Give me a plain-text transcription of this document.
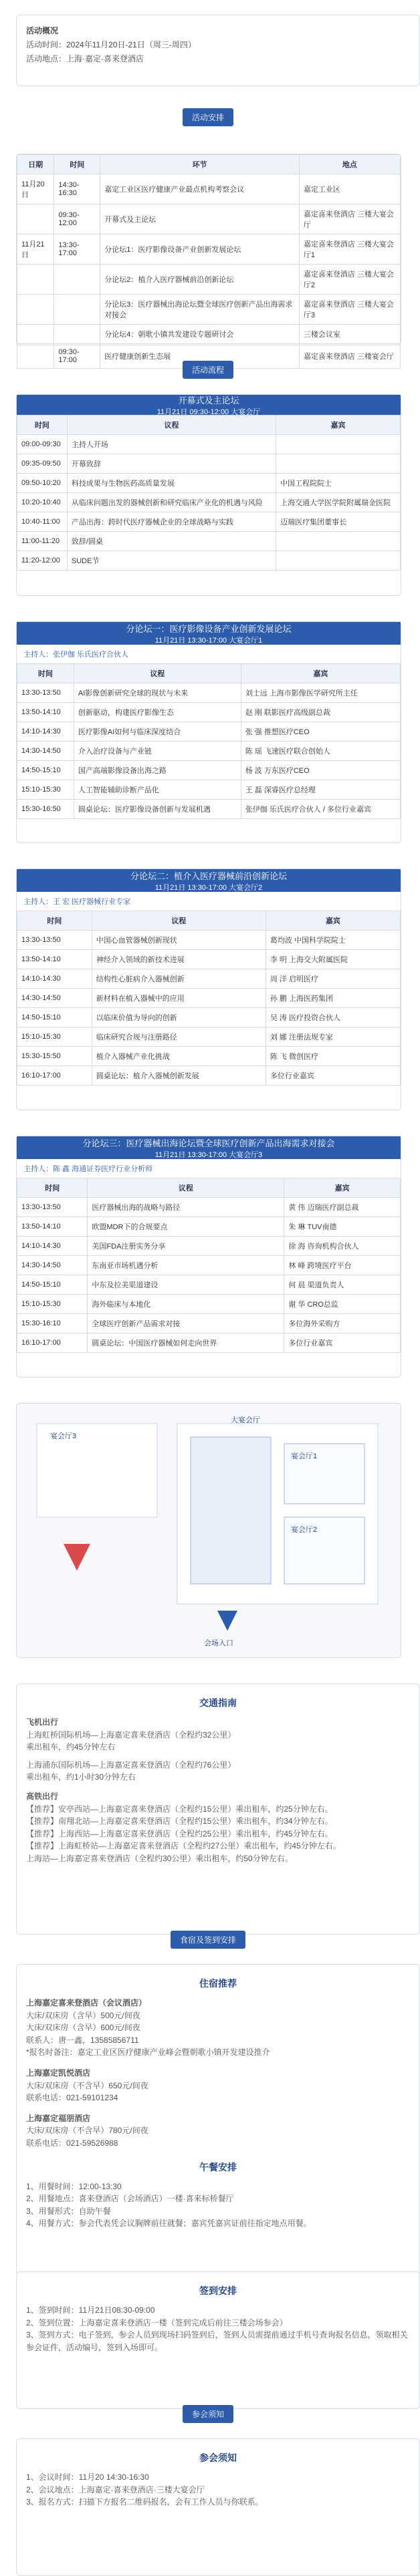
活动概况
活动时间：2024年11月20日-21日（周三-周四）
活动地点：上海·嘉定·喜来登酒店
活动安排
日期	时间	环节	地点
11月20日	14:30-16:30	嘉定工业区医疗健康产业最点机构考察会议	嘉定工业区
	09:30-12:00	开幕式及主论坛	嘉定喜来登酒店 三楼大宴会厅
11月21日	13:30-17:00	分论坛1：医疗影像设备产业创新发展论坛	嘉定喜来登酒店 三楼大宴会厅1
		分论坛2：植介入医疗器械前沿创新论坛	嘉定喜来登酒店 三楼大宴会厅2
		分论坛3：医疗器械出海论坛暨全球医疗创新产品出海需求对接会	嘉定喜来登酒店 三楼大宴会厅3
		分论坛4：朝歌小镇共发建设专题研讨会	三楼会议室
	09:30-17:00	医疗健康创新生态展	嘉定喜来登酒店 三楼宴会厅
活动流程
开幕式及主论坛
11月21日 09:30-12:00 大宴会厅
时间	议程	嘉宾
09:00-09:30	主持人开场	
09:35-09:50	开幕致辞	
09:50-10:20	科技成果与生物医药高质量发展	中国工程院院士
10:20-10:40	从临床问题出发的器械创新和研究临床产业化的机遇与风险	上海交通大学医学院附属瑞金医院
10:40-11:00	产品出海：跨时代医疗器械企业的全球战略与实践	迈瑞医疗集团董事长
11:00-11:20	致辞/圆桌	
11:20-12:00	SUDE节	
分论坛一：医疗影像设备产业创新发展论坛
11月21日 13:30-17:00 大宴会厅1
主持人：张伊伽 乐氏医疗合伙人
时间	议程	嘉宾
13:30-13:50	AI影像创新研究全球的现状与未来	刘士远 上海市影像医学研究所主任
13:50-14:10	创新驱动，构建医疗影像生态	赵 刚 联影医疗高级副总裁
14:10-14:30	医疗影像AI如何与临床深度结合	张 强 推想医疗CEO
14:30-14:50	介入治疗设备与产业链	陈 瑶 飞速医疗联合创始人
14:50-15:10	国产高端影像设备出海之路	杨 波 万东医疗CEO
15:10-15:30	人工智能辅助诊断产品化	王 磊 深睿医疗总经理
15:30-16:50	圆桌论坛：医疗影像设备创新与发展机遇	张伊伽 乐氏医疗合伙人 / 多位行业嘉宾
分论坛二：植介入医疗器械前沿创新论坛
11月21日 13:30-17:00 大宴会厅2
主持人：王 宏 医疗器械行业专家
时间	议程	嘉宾
13:30-13:50	中国心血管器械创新现状	葛均波 中国科学院院士
13:50-14:10	神经介入领域的新技术进展	李 明 上海交大附属医院
14:10-14:30	结构性心脏病介入器械创新	周 洋 启明医疗
14:30-14:50	新材料在植入器械中的应用	孙 鹏 上海医药集团
14:50-15:10	以临床价值为导向的创新	吴 涛 医疗投资合伙人
15:10-15:30	临床研究合规与注册路径	刘 娜 注册法规专家
15:30-15:50	植介入器械产业化挑战	陈 飞 微创医疗
16:10-17:00	圆桌论坛：植介入器械创新发展	多位行业嘉宾
分论坛三：医疗器械出海论坛暨全球医疗创新产品出海需求对接会
11月21日 13:30-17:00 大宴会厅3
主持人：陈 鑫 海通证券医疗行业分析师
时间	议程	嘉宾
13:30-13:50	医疗器械出海的战略与路径	黄 伟 迈瑞医疗副总裁
13:50-14:10	欧盟MDR下的合规要点	朱 琳 TUV南德
14:10-14:30	美国FDA注册实务分享	徐 海 咨询机构合伙人
14:30-14:50	东南亚市场机遇分析	林 峰 跨境医疗平台
14:50-15:10	中东及拉美渠道建设	何 晨 渠道负责人
15:10-15:30	海外临床与本地化	谢 华 CRO总监
15:30-16:10	全球医疗创新产品需求对接	多位海外采购方
16:10-17:00	圆桌论坛：中国医疗器械如何走向世界	多位行业嘉宾
大宴会厅
宴会厅1
宴会厅2
宴会厅3
会场入口
交通指南
飞机出行
上海虹桥国际机场—上海嘉定喜来登酒店（全程约32公里）
乘出租车，约45分钟左右
上海浦东国际机场—上海嘉定喜来登酒店（全程约76公里）
乘出租车，约1小时30分钟左右
高铁出行
【推荐】安亭西站—上海嘉定喜来登酒店（全程约15公里）乘出租车，约25分钟左右。
【推荐】南翔北站—上海嘉定喜来登酒店（全程约15公里）乘出租车，约34分钟左右。
【推荐】上海西站—上海嘉定喜来登酒店（全程约25公里）乘出租车，约45分钟左右。
【推荐】上海虹桥站—上海嘉定喜来登酒店（全程约27公里）乘出租车，约45分钟左右。
上海站—上海嘉定喜来登酒店（全程约30公里）乘出租车，约50分钟左右。
食宿及签到安排
住宿推荐
上海嘉定喜来登酒店（会议酒店）
大床/双床房（含早）500元/间夜
大床/双床房（含早）600元/间夜
联系人：唐一鑫，13585856711
*报名时备注：嘉定工业区医疗健康产业峰会暨朝歌小镇开发建设推介
上海嘉定凯悦酒店
大床/双床房（不含早）650元/间夜
联系电话：021-59101234
上海嘉定福朋酒店
大床/双床房（不含早）780元/间夜
联系电话：021-59526988
午餐安排
1、用餐时间：12:00-13:30
2、用餐地点：喜来登酒店（会场酒店）一楼·喜来标桥餐厅
3、用餐形式：自助午餐
4、用餐方式：参会代表凭会议胸牌前往就餐；嘉宾凭嘉宾证前往指定地点用餐。
签到安排
1、签到时间：11月21日08:30-09:00
2、签到位置：上海嘉定喜来登酒店一楼（签到完成后前往三楼会场参会）
3、签到方式：电子签到，参会人员到现场扫码签到后，签到人员需提前通过手机号查询报名信息，领取相关参会证件，活动编号，签到入场即可。
参会须知
参会须知
1、会议时间：11月20 14:30-16:30
2、会议地点：上海嘉定·喜来登酒店·三楼大宴会厅
3、报名方式：扫描下方报名二维码报名，会有工作人员与你联系。
